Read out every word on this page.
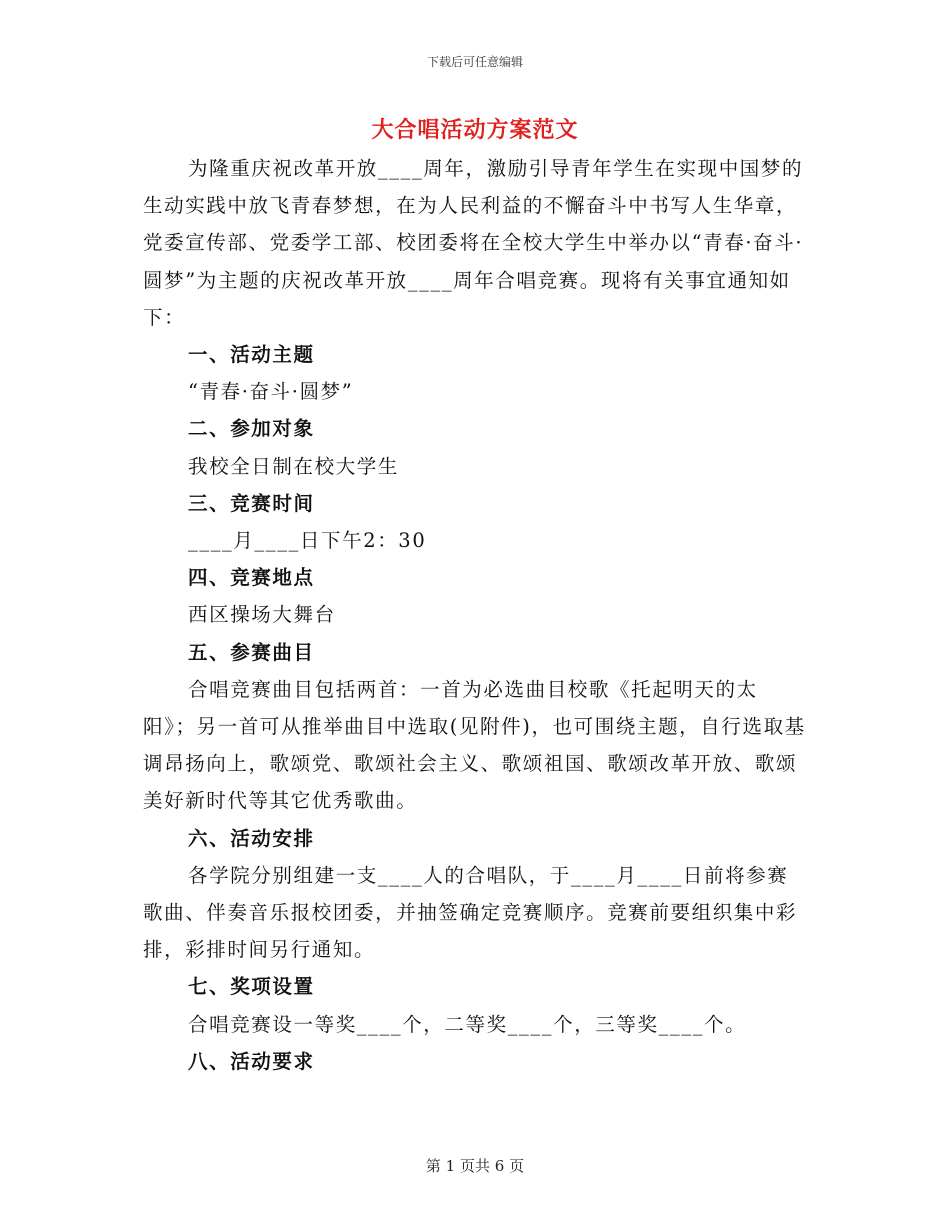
下载后可任意编辑
大合唱活动方案范文

为隆重庆祝改革开放____周年，激励引导青年学生在实现中国梦的生动实践中放飞青春梦想，在为人民利益的不懈奋斗中书写人生华章，党委宣传部、党委学工部、校团委将在全校大学生中举办以“青春·奋斗·圆梦”为主题的庆祝改革开放____周年合唱竞赛。现将有关事宜通知如下：

一、活动主题

“青春·奋斗·圆梦”

二、参加对象

我校全日制在校大学生

三、竞赛时间

____月____日下午2：30

四、竞赛地点

西区操场大舞台

五、参赛曲目

合唱竞赛曲目包括两首：一首为必选曲目校歌《托起明天的太阳》；另一首可从推举曲目中选取(见附件)，也可围绕主题，自行选取基调昂扬向上，歌颂党、歌颂社会主义、歌颂祖国、歌颂改革开放、歌颂美好新时代等其它优秀歌曲。

六、活动安排

各学院分别组建一支____人的合唱队，于____月____日前将参赛歌曲、伴奏音乐报校团委，并抽签确定竞赛顺序。竞赛前要组织集中彩排，彩排时间另行通知。

七、奖项设置

合唱竞赛设一等奖____个，二等奖____个，三等奖____个。

八、活动要求
第 1 页共 6 页
